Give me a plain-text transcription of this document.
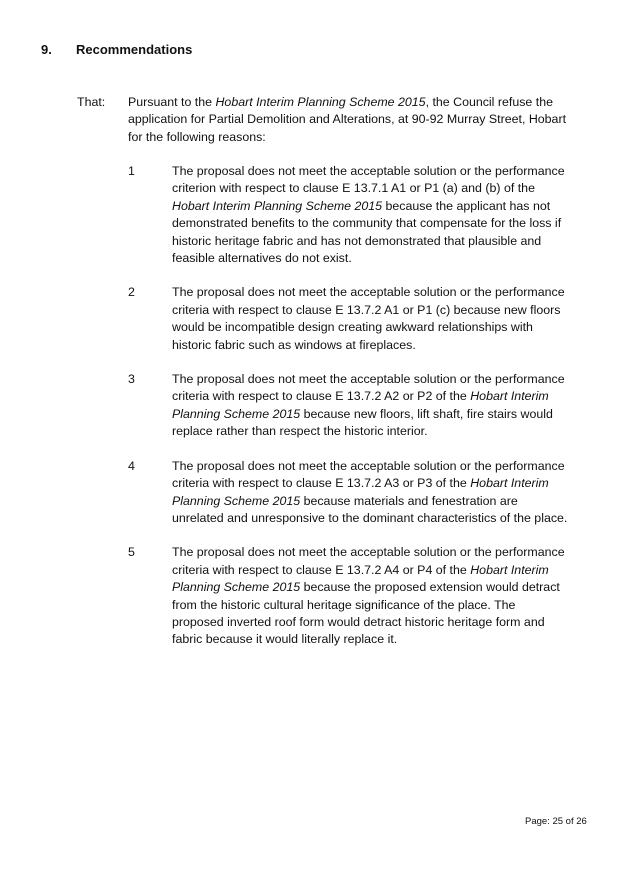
9.	Recommendations
That: Pursuant to the Hobart Interim Planning Scheme 2015, the Council refuse the application for Partial Demolition and Alterations, at 90-92 Murray Street, Hobart for the following reasons:
1	The proposal does not meet the acceptable solution or the performance criterion with respect to clause E 13.7.1 A1 or P1 (a) and (b) of the Hobart Interim Planning Scheme 2015 because the applicant has not demonstrated benefits to the community that compensate for the loss if historic heritage fabric and has not demonstrated that plausible and feasible alternatives do not exist.
2	The proposal does not meet the acceptable solution or the performance criteria with respect to clause E 13.7.2 A1 or P1 (c) because new floors would be incompatible design creating awkward relationships with historic fabric such as windows at fireplaces.
3	The proposal does not meet the acceptable solution or the performance criteria with respect to clause E 13.7.2 A2 or P2 of the Hobart Interim Planning Scheme 2015 because new floors, lift shaft, fire stairs would replace rather than respect the historic interior.
4	The proposal does not meet the acceptable solution or the performance criteria with respect to clause E 13.7.2 A3 or P3 of the Hobart Interim Planning Scheme 2015 because materials and fenestration are unrelated and unresponsive to the dominant characteristics of the place.
5	The proposal does not meet the acceptable solution or the performance criteria with respect to clause E 13.7.2 A4 or P4 of the Hobart Interim Planning Scheme 2015 because the proposed extension would detract from the historic cultural heritage significance of the place. The proposed inverted roof form would detract historic heritage form and fabric because it would literally replace it.
Page: 25 of 26
